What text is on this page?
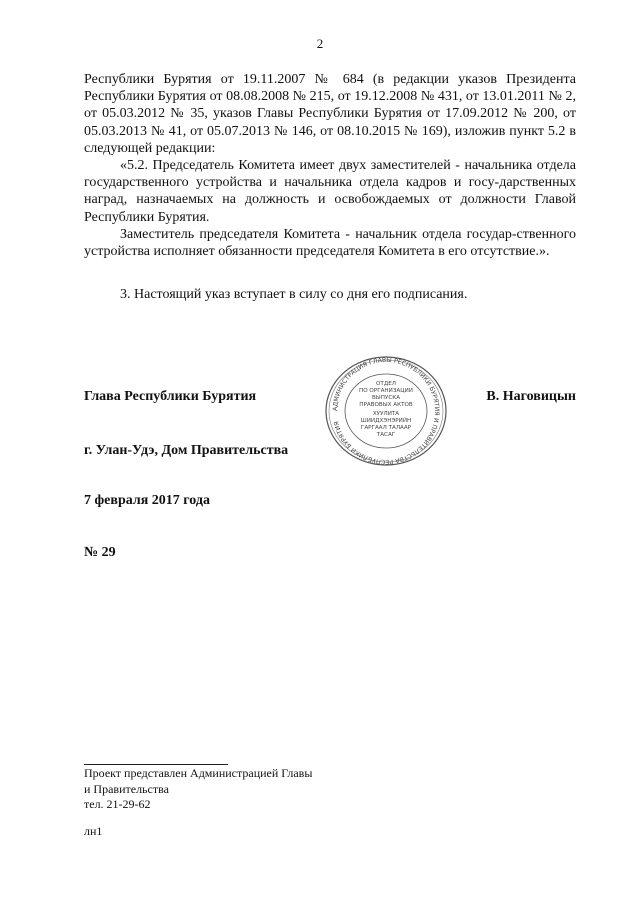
2

Республики Бурятия от 19.11.2007 № 684 (в редакции указов Президента Республики Бурятия от 08.08.2008 № 215, от 19.12.2008 № 431, от 13.01.2011 № 2, от 05.03.2012 № 35, указов Главы Республики Бурятия от 17.09.2012 № 200, от 05.03.2013 № 41, от 05.07.2013 № 146, от 08.10.2015 № 169), изложив пункт 5.2 в следующей редакции:

«5.2. Председатель Комитета имеет двух заместителей - начальника отдела государственного устройства и начальника отдела кадров и госу-дарственных наград, назначаемых на должность и освобождаемых от должности Главой Республики Бурятия.

Заместитель председателя Комитета - начальник отдела государ-ственного устройства исполняет обязанности председателя Комитета в его отсутствие.».

3. Настоящий указ вступает в силу со дня его подписания.

Глава Республики Бурятия	В. Наговицын
АДМИНИСТРАЦИЯ ГЛАВЫ РЕСПУБЛИКИ БУРЯТИЯ И ПРАВИТЕЛЬСТВА РЕСПУБЛИКИ БУРЯТИЯ
ОТДЕЛ
ПО ОРГАНИЗАЦИИ
ВЫПУСКА
ПРАВОВЫХ АКТОВ
ХУУЛИТА
ШИИДХЭНЭРИЙН
ГАРГААЛ ТАЛААР
ТАСАГ
г. Улан-Удэ, Дом Правительства
7 февраля 2017 года
№ 29
Проект представлен Администрацией Главы
и Правительства
тел. 21-29-62
лн1
